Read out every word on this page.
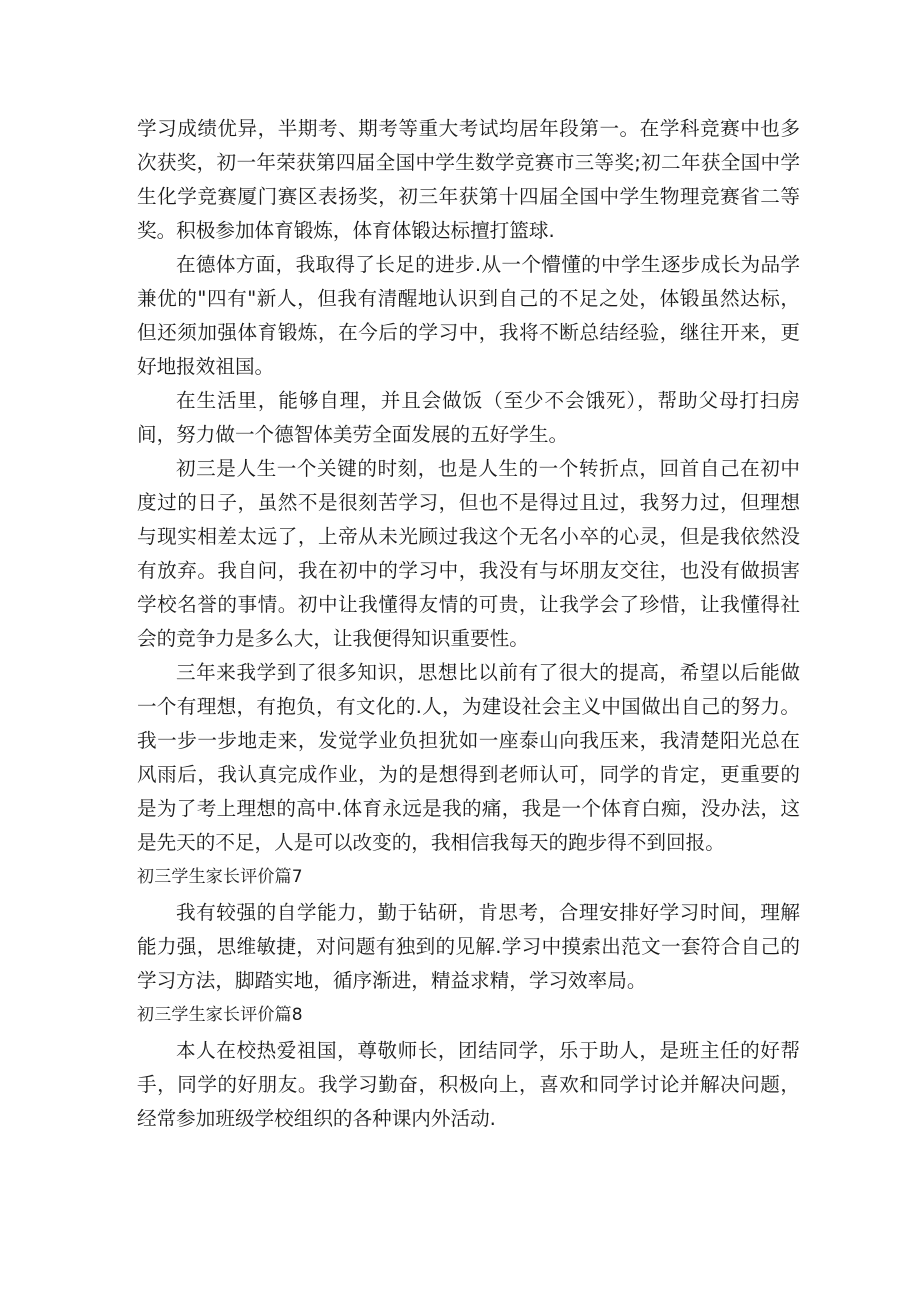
学习成绩优异，半期考、期考等重大考试均居年段第一。在学科竞赛中也多次获奖，初一年荣获第四届全国中学生数学竞赛市三等奖;初二年获全国中学生化学竞赛厦门赛区表扬奖，初三年获第十四届全国中学生物理竞赛省二等奖。积极参加体育锻炼，体育体锻达标擅打篮球.

在德体方面，我取得了长足的进步.从一个懵懂的中学生逐步成长为品学兼优的"四有"新人，但我有清醒地认识到自己的不足之处，体锻虽然达标，但还须加强体育锻炼，在今后的学习中，我将不断总结经验，继往开来，更好地报效祖国。

在生活里，能够自理，并且会做饭（至少不会饿死），帮助父母打扫房间，努力做一个德智体美劳全面发展的五好学生。

初三是人生一个关键的时刻，也是人生的一个转折点，回首自己在初中度过的日子，虽然不是很刻苦学习，但也不是得过且过，我努力过，但理想与现实相差太远了，上帝从未光顾过我这个无名小卒的心灵，但是我依然没有放弃。我自问，我在初中的学习中，我没有与坏朋友交往，也没有做损害学校名誉的事情。初中让我懂得友情的可贵，让我学会了珍惜，让我懂得社会的竞争力是多么大，让我便得知识重要性。

三年来我学到了很多知识，思想比以前有了很大的提高，希望以后能做一个有理想，有抱负，有文化的.人，为建设社会主义中国做出自己的努力。我一步一步地走来，发觉学业负担犹如一座泰山向我压来，我清楚阳光总在风雨后，我认真完成作业，为的是想得到老师认可，同学的肯定，更重要的是为了考上理想的高中.体育永远是我的痛，我是一个体育白痴，没办法，这是先天的不足，人是可以改变的，我相信我每天的跑步得不到回报。

初三学生家长评价篇7

我有较强的自学能力，勤于钻研，肯思考，合理安排好学习时间，理解能力强，思维敏捷，对问题有独到的见解.学习中摸索出范文一套符合自己的学习方法，脚踏实地，循序渐进，精益求精，学习效率局。

初三学生家长评价篇8

本人在校热爱祖国，尊敬师长，团结同学，乐于助人，是班主任的好帮手，同学的好朋友。我学习勤奋，积极向上，喜欢和同学讨论并解决问题，经常参加班级学校组织的各种课内外活动.
